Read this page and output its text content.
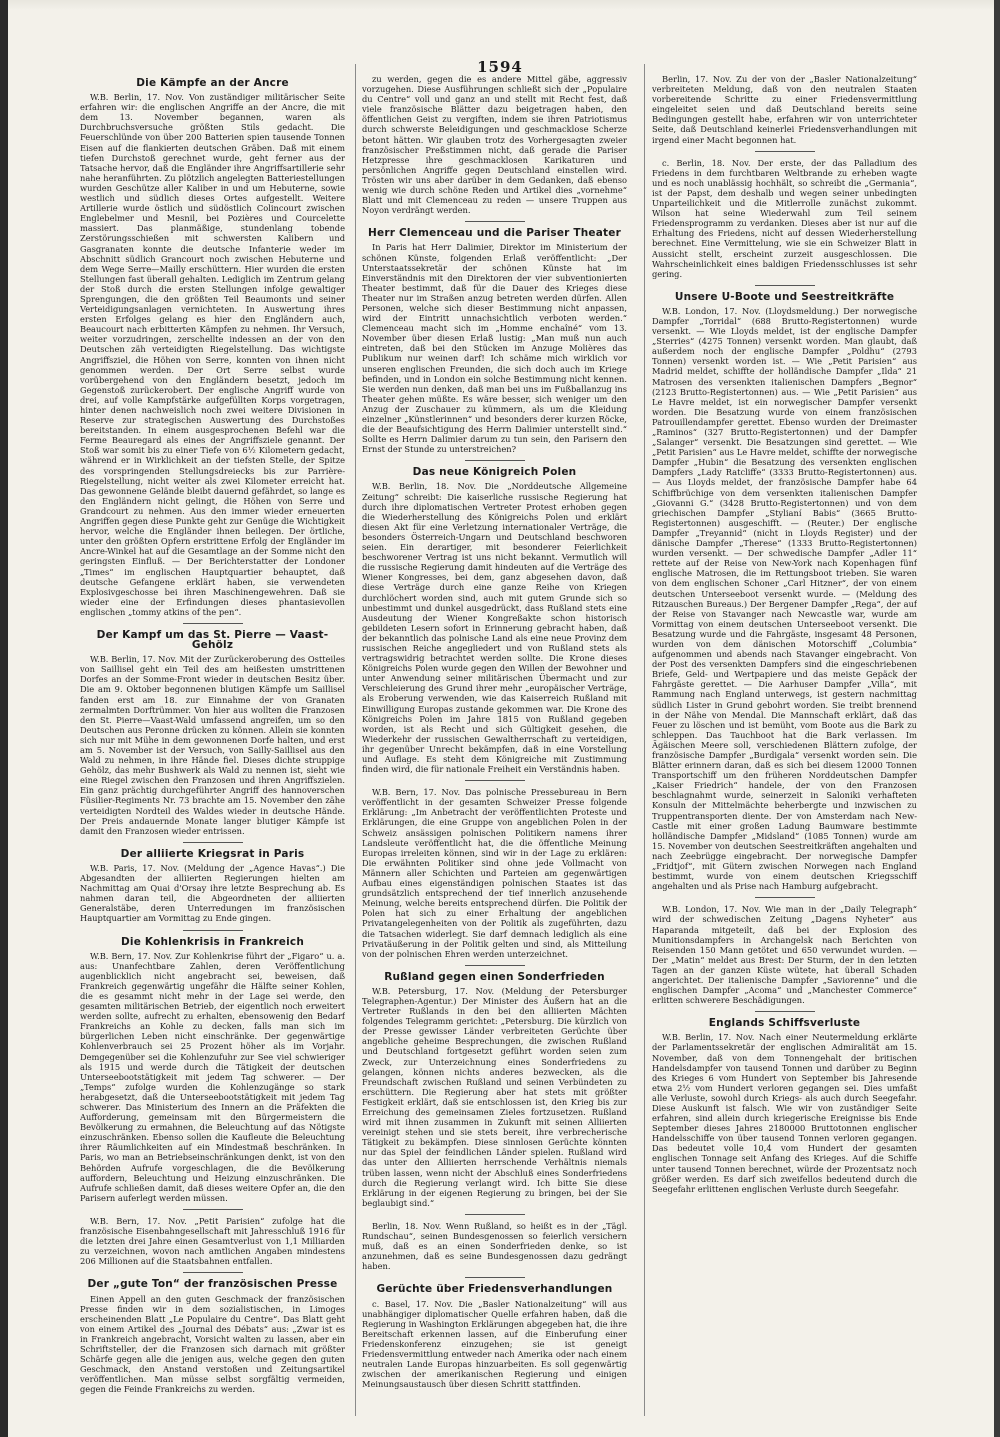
1594
Die Kämpfe an der Ancre

W.B. Berlin, 17. Nov. Von zuständiger militärischer Seite erfahren wir: die englischen Angriffe an der Ancre, die mit dem 13. November begannen, waren als Durchbruchsversuche größten Stils gedacht. Die Feuerschlünde von über 200 Batterien spien tausende Tonnen Eisen auf die flankierten deutschen Gräben. Daß mit einem tiefen Durchstoß gerechnet wurde, geht ferner aus der Tatsache hervor, daß die Engländer ihre Angriffsartillerie sehr nahe heranführten. Zu plötzlich angelegten Batteriestellungen wurden Geschütze aller Kaliber in und um Hebuterne, sowie westlich und südlich dieses Ortes aufgestellt. Weitere Artillerie wurde östlich und südöstlich Colincourt zwischen Englebelmer und Mesnil, bei Pozières und Courcelette massiert. Das planmäßige, stundenlang tobende Zerstörungsschießen mit schwersten Kalibern und Gasgranaten konnte die deutsche Infanterie weder im Abschnitt südlich Grancourt noch zwischen Hebuterne und dem Wege Serre—Mailly erschüttern. Hier wurden die ersten Stellungen fast überall gehalten. Lediglich im Zentrum gelang der Stoß durch die ersten Stellungen infolge gewaltiger Sprengungen, die den größten Teil Beaumonts und seiner Verteidigungsanlagen vernichteten. In Auswertung ihres ersten Erfolges gelang es hier den Engländern auch, Beaucourt nach erbitterten Kämpfen zu nehmen. Ihr Versuch, weiter vorzudringen, zerschellte indessen an der von den Deutschen zäh verteidigten Riegelstellung. Das wichtigste Angriffsziel, die Höhen von Serre, konnten von ihnen nicht genommen werden. Der Ort Serre selbst wurde vorübergehend von den Engländern besetzt, jedoch im Gegenstoß zurückerobert. Der englische Angriff wurde von drei, auf volle Kampfstärke aufgefüllten Korps vorgetragen, hinter denen nachweislich noch zwei weitere Divisionen in Reserve zur strategischen Auswertung des Durchstoßes bereitstanden. In einem ausgesprochenen Befehl war die Ferme Beauregard als eines der Angriffsziele genannt. Der Stoß war somit bis zu einer Tiefe von 6½ Kilometern gedacht, während er in Wirklichkeit an der tiefsten Stelle, der Spitze des vorspringenden Stellungsdreiecks bis zur Parrière-Riegelstellung, nicht weiter als zwei Kilometer erreicht hat. Das gewonnene Gelände bleibt dauernd gefährdet, so lange es den Engländern nicht gelingt, die Höhen von Serre und Grandcourt zu nehmen. Aus den immer wieder erneuerten Angriffen gegen diese Punkte geht zur Genüge die Wichtigkeit hervor, welche die Engländer ihnen beilegen. Der örtliche, unter den größten Opfern erstrittene Erfolg der Engländer im Ancre-Winkel hat auf die Gesamtlage an der Somme nicht den geringsten Einfluß. — Der Berichterstatter der Londoner „Times“ im englischen Hauptquartier behauptet, daß deutsche Gefangene erklärt haben, sie verwendeten Explosivgeschosse bei ihren Maschinengewehren. Daß sie wieder eine der Erfindungen dieses phantasievollen englischen „tommy atkins of the pen“.

Der Kampf um das St. Pierre — Vaast-Gehölz

W.B. Berlin, 17. Nov. Mit der Zurückeroberung des Ostteiles von Saillisel geht ein Teil des am heißesten umstrittenen Dorfes an der Somme-Front wieder in deutschen Besitz über. Die am 9. Oktober begonnenen blutigen Kämpfe um Saillisel fanden erst am 18. zur Einnahme der von Granaten zermalmten Dorftrümmer. Von hier aus wollten die Franzosen den St. Pierre—Vaast-Wald umfassend angreifen, um so den Deutschen aus Peronne drücken zu können. Allein sie konnten sich nur mit Mühe in dem gewonnenen Dorfe halten, und erst am 5. November ist der Versuch, von Sailly-Saillisel aus den Wald zu nehmen, in ihre Hände fiel. Dieses dichte struppige Gehölz, das mehr Bushwerk als Wald zu nennen ist, sieht wie eine Riegel zwischen den Franzosen und ihren Angriffszielen. Ein ganz prächtig durchgeführter Angriff des hannoverschen Füsilier-Regiments Nr. 73 brachte am 15. November den zähe verteidigten Nordteil des Waldes wieder in deutsche Hände. Der Preis andauernde Monate langer blutiger Kämpfe ist damit den Franzosen wieder entrissen.

Der alliierte Kriegsrat in Paris

W.B. Paris, 17. Nov. (Meldung der „Agence Havas“.) Die Abgesandten der alliierten Regierungen hielten am Nachmittag am Quai d'Orsay ihre letzte Besprechung ab. Es nahmen daran teil, die Abgeordneten der alliierten Generalstäbe, deren Unterredungen im französischen Hauptquartier am Vormittag zu Ende gingen.

Die Kohlenkrisis in Frankreich

W.B. Bern, 17. Nov. Zur Kohlenkrise führt der „Figaro“ u. a. aus: Unanfechtbare Zahlen, deren Veröffentlichung augenblicklich nicht angebracht sei, beweisen, daß Frankreich gegenwärtig ungefähr die Hälfte seiner Kohlen, die es gesammt nicht mehr in der Lage sei werde, den gesamten militärischen Betrieb, der eigentlich noch erweitert werden sollte, aufrecht zu erhalten, ebensowenig den Bedarf Frankreichs an Kohle zu decken, falls man sich im bürgerlichen Leben nicht einschränke. Der gegenwärtige Kohlenverbrauch sei 25 Prozent höher als im Vorjahr. Demgegenüber sei die Kohlenzufuhr zur See viel schwieriger als 1915 und werde durch die Tätigkeit der deutschen Unterseebootstätigkeit mit jedem Tag schwerer. — Der „Temps“ zufolge wurden die Kohlenzugänge so stark herabgesetzt, daß die Unterseebootstätigkeit mit jedem Tag schwerer. Das Ministerium des Innern an die Präfekten die Aufforderung, gemeinsam mit den Bürgermeistern die Bevölkerung zu ermahnen, die Beleuchtung auf das Nötigste einzuschränken. Ebenso sollen die Kaufleute die Beleuchtung ihrer Räumlichkeiten auf ein Mindestmaß beschränken. In Paris, wo man an Betriebseinschränkungen denkt, ist von den Behörden Aufrufe vorgeschlagen, die die Bevölkerung auffordern, Beleuchtung und Heizung einzuschränken. Die Aufrufe schließen damit, daß dieses weitere Opfer an, die den Parisern auferlegt werden müssen.

W.B. Bern, 17. Nov. „Petit Parisien“ zufolge hat die französische Eisenbahngesellschaft mit Jahresschluß 1916 für die letzten drei Jahre einen Gesamtverlust von 1,1 Milliarden zu verzeichnen, wovon nach amtlichen Angaben mindestens 206 Millionen auf die Staatsbahnen entfallen.

Der „gute Ton“ der französischen Presse

Einen Appell an den guten Geschmack der französischen Presse finden wir in dem sozialistischen, in Limoges erscheinenden Blatt „Le Populaire du Centre“. Das Blatt geht von einem Artikel des „Journal des Débats“ aus: „Zwar ist es in Frankreich angebracht, Vorsicht walten zu lassen, aber ein Schriftsteller, der die Franzosen sich darnach mit größter Schärfe gegen alle die jenigen aus, welche gegen den guten Geschmack, den Anstand verstoßen und Zeitungsartikel veröffentlichen. Man müsse selbst sorgfältig vermeiden, gegen die Feinde Frankreichs zu werden.

zu werden, gegen die es andere Mittel gäbe, aggressiv vorzugehen. Diese Ausführungen schließt sich der „Populaire du Centre“ voll und ganz an und stellt mit Recht fest, daß viele französische Blätter dazu beigetragen haben, den öffentlichen Geist zu vergiften, indem sie ihren Patriotismus durch schwerste Beleidigungen und geschmacklose Scherze betont hätten. Wir glauben trotz des Vorhergesagten zweier französischer Preßstimmen nicht, daß gerade die Pariser Hetzpresse ihre geschmacklosen Karikaturen und persönlichen Angriffe gegen Deutschland einstellen wird. Trösten wir uns aber darüber in dem Gedanken, daß ebenso wenig wie durch schöne Reden und Artikel dies „vornehme“ Blatt und mit Clemenceau zu reden — unsere Truppen aus Noyon verdrängt werden.

Herr Clemenceau und die Pariser Theater

In Paris hat Herr Dalimier, Direktor im Ministerium der schönen Künste, folgenden Erlaß veröffentlicht: „Der Unterstaatssekretär der schönen Künste hat im Einverständnis mit den Direktoren der vier subventionierten Theater bestimmt, daß für die Dauer des Krieges diese Theater nur im Straßen anzug betreten werden dürfen. Allen Personen, welche sich dieser Bestimmung nicht anpassen, wird der Eintritt unnachsichtlich verboten werden.“ Clemenceau macht sich im „Homme enchaîné“ vom 13. November über diesen Erlaß lustig: „Man muß nun auch eintreten, daß bei den Stücken im Anzuge Molières das Publikum nur weinen darf! Ich schäme mich wirklich vor unseren englischen Freunden, die sich doch auch im Kriege befinden, und in London ein solche Bestimmung nicht kennen. Sie werden nun denken, daß man bei uns im Fußballanzug ins Theater gehen müßte. Es wäre besser, sich weniger um den Anzug der Zuschauer zu kümmern, als um die Kleidung einzelner „Künstlerinnen“ und besonders derer kurzen Röcke, die der Beaufsichtigung des Herrn Dalimier unterstellt sind.“ Sollte es Herrn Dalimier darum zu tun sein, den Parisern den Ernst der Stunde zu unterstreichen?

Das neue Königreich Polen

W.B. Berlin, 18. Nov. Die „Norddeutsche Allgemeine Zeitung“ schreibt: Die kaiserliche russische Regierung hat durch ihre diplomatischen Vertreter Protest erhoben gegen die Wiederherstellung des Königreichs Polen und erklärt diesen Akt für eine Verletzung internationaler Verträge, die besonders Österreich-Ungarn und Deutschland beschworen seien. Ein derartiger, mit besonderer Feierlichkeit beschworener Vertrag ist uns nicht bekannt. Vermutlich will die russische Regierung damit hindeuten auf die Verträge des Wiener Kongresses, bei dem, ganz abgesehen davon, daß diese Verträge durch eine ganze Reihe von Kriegen durchlöchert worden sind, auch mit gutem Grunde sich so unbestimmt und dunkel ausgedrückt, dass Rußland stets eine Ausdeutung der Wiener Kongreßakte schon historisch gebildeten Lesern sofort in Erinnerung gebracht haben, daß der bekanntlich das polnische Land als eine neue Provinz dem russischen Reiche angegliedert und von Rußland stets als vertragswidrig betrachtet werden sollte. Die Krone dieses Königreichs Polen wurde gegen den Willen der Bewohner und unter Anwendung seiner militärischen Übermacht und zur Verschleierung des Grund ihrer mehr „europäischer Verträge, als Eroberung verwenden, wie das Kaiserreich Rußland mit Einwilligung Europas zustande gekommen war. Die Krone des Königreichs Polen im Jahre 1815 von Rußland gegeben worden, ist als Recht und sich Gültigkeit gesehen, die Wiederkehr der russischen Gewaltherrschaft zu verteidigen, ihr gegenüber Unrecht bekämpfen, daß in eine Vorstellung und Auflage. Es steht dem Königreiche mit Zustimmung finden wird, die für nationale Freiheit ein Verständnis haben.

W.B. Bern, 17. Nov. Das polnische Pressebureau in Bern veröffentlicht in der gesamten Schweizer Presse folgende Erklärung: „Im Anbetracht der veröffentlichten Proteste und Erklärungen, die eine Gruppe von angeblichen Polen in der Schweiz ansässigen polnischen Politikern namens ihrer Landsleute veröffentlicht hat, die die öffentliche Meinung Europas irreleiten können, sind wir in der Lage zu erklären: Die erwähnten Politiker sind ohne jede Vollmacht von Männern aller Schichten und Parteien am gegenwärtigen Aufbau eines eigenständigen polnischen Staates ist das grundsätzlich entsprechend der tief innerlich anzusehende Meinung, welche bereits entsprechend dürfen. Die Politik der Polen hat sich zu einer Erhaltung der angeblichen Privatangelegenheiten von der Politik als zugeführten, dazu die Tatsachen widerlegt. Sie darf demnach lediglich als eine Privatäußerung in der Politik gelten und sind, als Mitteilung von der polnischen Ehren werden unterzeichnet.

Rußland gegen einen Sonderfrieden

W.B. Petersburg, 17. Nov. (Meldung der Petersburger Telegraphen-Agentur.) Der Minister des Äußern hat an die Vertreter Rußlands in den bei den alliierten Mächten folgendes Telegramm gerichtet: „Petersburg. Die kürzlich von der Presse gewisser Länder verbreiteten Gerüchte über angebliche geheime Besprechungen, die zwischen Rußland und Deutschland fortgesetzt geführt worden seien zum Zweck, zur Unterzeichnung eines Sonderfriedens zu gelangen, können nichts anderes bezwecken, als die Freundschaft zwischen Rußland und seinen Verbündeten zu erschüttern. Die Regierung aber hat stets mit größter Festigkeit erklärt, daß sie entschlossen ist, den Krieg bis zur Erreichung des gemeinsamen Zieles fortzusetzen. Rußland wird mit ihnen zusammen in Zukunft mit seinen Alliierten vereinigt stehen und sie stets bereit, ihre verbrecherische Tätigkeit zu bekämpfen. Diese sinnlosen Gerüchte könnten nur das Spiel der feindlichen Länder spielen. Rußland wird das unter den Alliierten herrschende Verhältnis niemals trüben lassen, wenn nicht der Abschluß eines Sonderfriedens durch die Regierung verlangt wird. Ich bitte Sie diese Erklärung in der eigenen Regierung zu bringen, bei der Sie beglaubigt sind.“

Berlin, 18. Nov. Wenn Rußland, so heißt es in der „Tägl. Rundschau“, seinen Bundesgenossen so feierlich versichern muß, daß es an einen Sonderfrieden denke, so ist anzunehmen, daß es seine Bundesgenossen dazu gedrängt haben.

Gerüchte über Friedensverhandlungen

c. Basel, 17. Nov. Die „Basler Nationalzeitung“ will aus unabhängiger diplomatischer Quelle erfahren haben, daß die Regierung in Washington Erklärungen abgegeben hat, die ihre Bereitschaft erkennen lassen, auf die Einberufung einer Friedenskonferenz einzugehen; sie ist geneigt Friedensvermittlung entweder nach Amerika oder nach einem neutralen Lande Europas hinzuarbeiten. Es soll gegenwärtig zwischen der amerikanischen Regierung und einigen Meinungsaustausch über diesen Schritt stattfinden.

Berlin, 17. Nov. Zu der von der „Basler Nationalzeitung“ verbreiteten Meldung, daß von den neutralen Staaten vorbereitende Schritte zu einer Friedensvermittlung eingeleitet seien und daß Deutschland bereits seine Bedingungen gestellt habe, erfahren wir von unterrichteter Seite, daß Deutschland keinerlei Friedensverhandlungen mit irgend einer Macht begonnen hat.

c. Berlin, 18. Nov. Der erste, der das Palladium des Friedens in dem furchtbaren Weltbrande zu erheben wagte und es noch unablässig hochhält, so schreibt die „Germania“, ist der Papst, dem deshalb und wegen seiner unbedingten Unparteilichkeit und die Mitlerrolle zunächst zukommt. Wilson hat seine Wiederwahl zum Teil seinem Friedensprogramm zu verdanken. Dieses aber ist nur auf die Erhaltung des Friedens, nicht auf dessen Wiederherstellung berechnet. Eine Vermittelung, wie sie ein Schweizer Blatt in Aussicht stellt, erscheint zurzeit ausgeschlossen. Die Wahrscheinlichkeit eines baldigen Friedensschlusses ist sehr gering.

Unsere U-Boote und Seestreitkräfte

W.B. London, 17. Nov. (Lloydsmeldung.) Der norwegische Dampfer „Torridal“ (688 Brutto-Registertonnen) wurde versenkt. — Wie Lloyds meldet, ist der englische Dampfer „Sterries“ (4275 Tonnen) versenkt worden. Man glaubt, daß außerdem noch der englische Dampfer „Poldhu“ (2793 Tonnen) versenkt worden ist. — Wie „Petit Parisien“ aus Madrid meldet, schiffte der holländische Dampfer „Ilda“ 21 Matrosen des versenkten italienischen Dampfers „Begnor“ (2123 Brutto-Registertonnen) aus. — Wie „Petit Parisien“ aus Le Havre meldet, ist ein norwegischer Dampfer versenkt worden. Die Besatzung wurde von einem französischen Patrouillendampfer gerettet. Ebenso wurden der Dreimaster „Raminos“ (327 Brutto-Registertonnen) und der Dampfer „Salanger“ versenkt. Die Besatzungen sind gerettet. — Wie „Petit Parisien“ aus Le Havre meldet, schiffte der norwegische Dampfer „Hubin“ die Besatzung des versenkten englischen Dampfers „Lady Ratcliffe“ (3333 Brutto-Registertonnen) aus. — Aus Lloyds meldet, der französische Dampfer habe 64 Schiffbrüchige von dem versenkten italienischen Dampfer „Giovanni G.“ (3428 Brutto-Registertonnen) und von dem griechischen Dampfer „Stylianí Babis“ (3665 Brutto-Registertonnen) ausgeschifft. — (Reuter.) Der englische Dampfer „Treyannid“ (nicht in Lloyds Register) und der dänische Dampfer „Therese“ (1333 Brutto-Registertonnen) wurden versenkt. — Der schwedische Dampfer „Adler 11“ rettete auf der Reise von New-York nach Kopenhagen fünf englische Matrosen, die im Rettungsboot trieben. Sie waren von dem englischen Schoner „Carl Hitzner“, der von einem deutschen Unterseeboot versenkt wurde. — (Meldung des Ritzauschen Bureaus.) Der Bergener Dampfer „Rega“, der auf der Reise von Stavanger nach Newcastle war, wurde am Vormittag von einem deutschen Unterseeboot versenkt. Die Besatzung wurde und die Fahrgäste, insgesamt 48 Personen, wurden von dem dänischen Motorschiff „Columbia“ aufgenommen und abends nach Stavanger eingebracht. Von der Post des versenkten Dampfers sind die eingeschriebenen Briefe, Geld- und Wertpapiere und das meiste Gepäck der Fahrgäste gerettet. — Die Aarhuser Dampfer „Villa“, mit Rammung nach England unterwegs, ist gestern nachmittag südlich Lister in Grund gebohrt worden. Sie treibt brennend in der Nähe von Mendal. Die Mannschaft erklärt, daß das Feuer zu löschen und ist bemüht, vom Boote aus die Bark zu schleppen. Das Tauchboot hat die Bark verlassen. Im Ägäischen Meere soll, verschiedenen Blättern zufolge, der französische Dampfer „Burdigala“ versenkt worden sein. Die Blätter erinnern daran, daß es sich bei diesem 12000 Tonnen Transportschiff um den früheren Norddeutschen Dampfer „Kaiser Friedrich“ handele, der von den Franzosen beschlagnahmt wurde, seinerzeit in Saloniki verhafteten Konsuln der Mittelmächte beherbergte und inzwischen zu Truppentransporten diente. Der von Amsterdam nach New-Castle mit einer großen Ladung Baumware bestimmte holländische Dampfer „Midsland“ (1085 Tonnen) wurde am 15. November von deutschen Seestreitkräften angehalten und nach Zeebrügge eingebracht. Der norwegische Dampfer „Fridtjof“, mit Gütern zwischen Norwegen nach England bestimmt, wurde von einem deutschen Kriegsschiff angehalten und als Prise nach Hamburg aufgebracht.

W.B. London, 17. Nov. Wie man in der „Daily Telegraph“ wird der schwedischen Zeitung „Dagens Nyheter“ aus Haparanda mitgeteilt, daß bei der Explosion des Munitionsdampfers in Archangelsk nach Berichten von Reisenden 150 Mann getötet und 650 verwundet wurden. — Der „Matin“ meldet aus Brest: Der Sturm, der in den letzten Tagen an der ganzen Küste wütete, hat überall Schaden angerichtet. Der italienische Dampfer „Saviorenne“ und die englischen Dampfer „Acoma“ und „Manchester Commerce“ erlitten schwerere Beschädigungen.

Englands Schiffsverluste

W.B. Berlin, 17. Nov. Nach einer Neutermeldung erklärte der Parlamentssekretär der englischen Admiralität am 15. November, daß von dem Tonnengehalt der britischen Handelsdampfer von tausend Tonnen und darüber zu Beginn des Krieges 6 vom Hundert von September bis Jahresende etwa 2½ vom Hundert verloren gegangen sei. Dies umfaßt alle Verluste, sowohl durch Kriegs- als auch durch Seegefahr. Diese Auskunft ist falsch. Wie wir von zuständiger Seite erfahren, sind allein durch kriegerische Ereignisse bis Ende September dieses Jahres 2180000 Bruttotonnen englischer Handelsschiffe von über tausend Tonnen verloren gegangen. Das bedeutet volle 10,4 vom Hundert der gesamten englischen Tonnage seit Anfang des Krieges. Auf die Schiffe unter tausend Tonnen berechnet, würde der Prozentsatz noch größer werden. Es darf sich zweifellos bedeutend durch die Seegefahr erlittenen englischen Verluste durch Seegefahr.
